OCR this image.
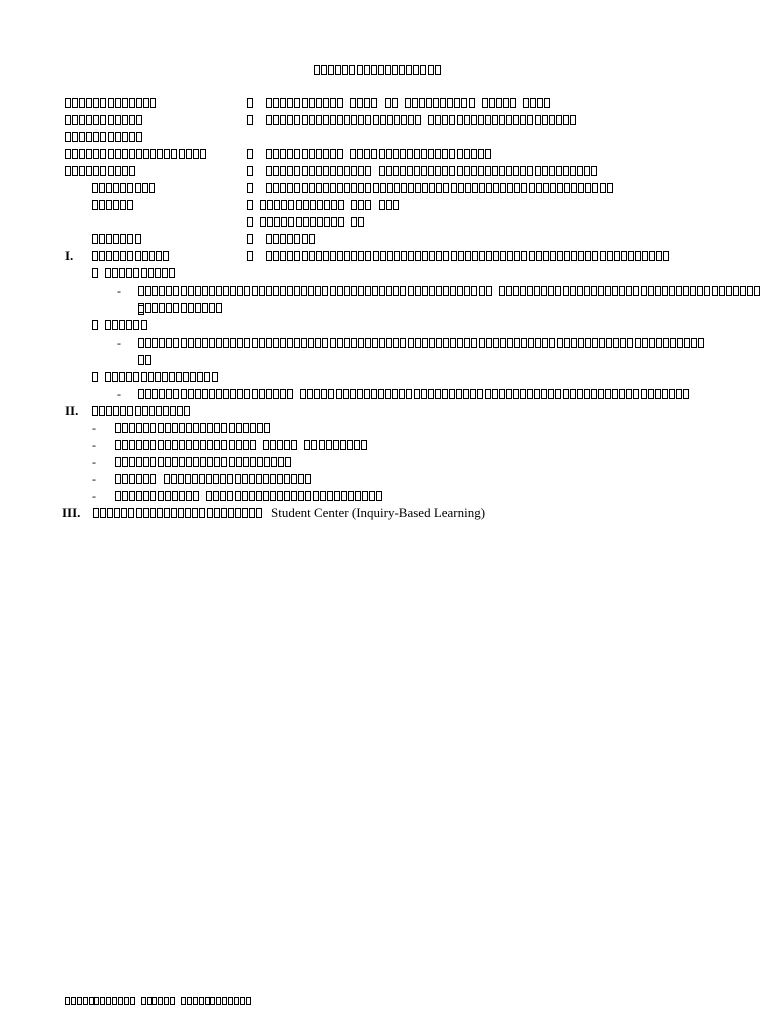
I.
-
-
-
II.
-
-
-
-
-
III.	Student Center (Inquiry-Based Learning)
